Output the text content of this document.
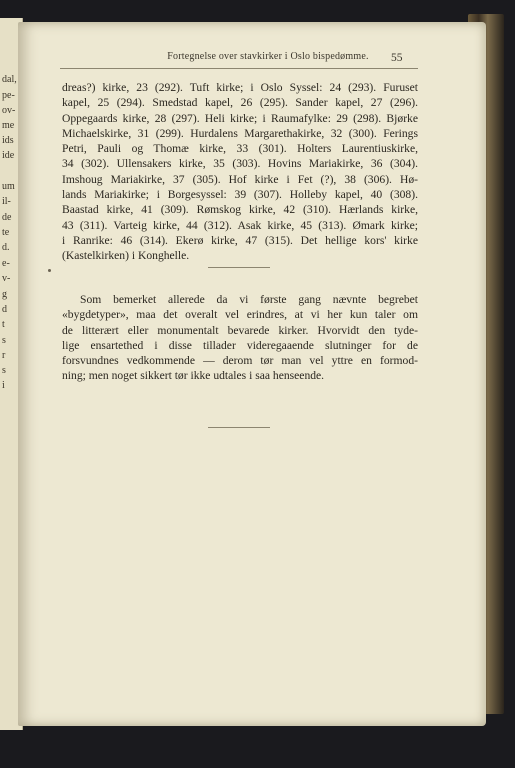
dal,
pe-
ov-
me
ids
ide
um
il-
de
te
d.
e-
v-
g
d
t
s
r
s
i
Fortegnelse over stavkirker i Oslo bispedømme.	55
dreas?) kirke, 23 (292). Tuft kirke; i Oslo Syssel: 24 (293). Furuset
kapel, 25 (294). Smedstad kapel, 26 (295). Sander kapel, 27 (296).
Oppegaards kirke, 28 (297). Heli kirke; i Raumafylke: 29 (298). Bjørke
Michaelskirke, 31 (299). Hurdalens Margarethakirke, 32 (300). Ferings
Petri, Pauli og Thomæ kirke, 33 (301). Holters Laurentiuskirke,
34 (302). Ullensakers kirke, 35 (303). Hovins Mariakirke, 36 (304).
Imshoug Mariakirke, 37 (305). Hof kirke i Fet (?), 38 (306). Hø-
lands Mariakirke; i Borgesyssel: 39 (307). Holleby kapel, 40 (308).
Baastad kirke, 41 (309). Rømskog kirke, 42 (310). Hærlands kirke,
43 (311). Varteig kirke, 44 (312). Asak kirke, 45 (313). Ømark kirke;
i Ranrike: 46 (314). Ekerø kirke, 47 (315). Det hellige kors' kirke
(Kastelkirken) i Konghelle.
Som bemerket allerede da vi første gang nævnte begrebet
«bygdetyper», maa det overalt vel erindres, at vi her kun taler om
de litterært eller monumentalt bevarede kirker. Hvorvidt den tyde-
lige ensartethed i disse tillader videregaaende slutninger for de
forsvundnes vedkommende — derom tør man vel yttre en formod-
ning; men noget sikkert tør ikke udtales i saa henseende.
